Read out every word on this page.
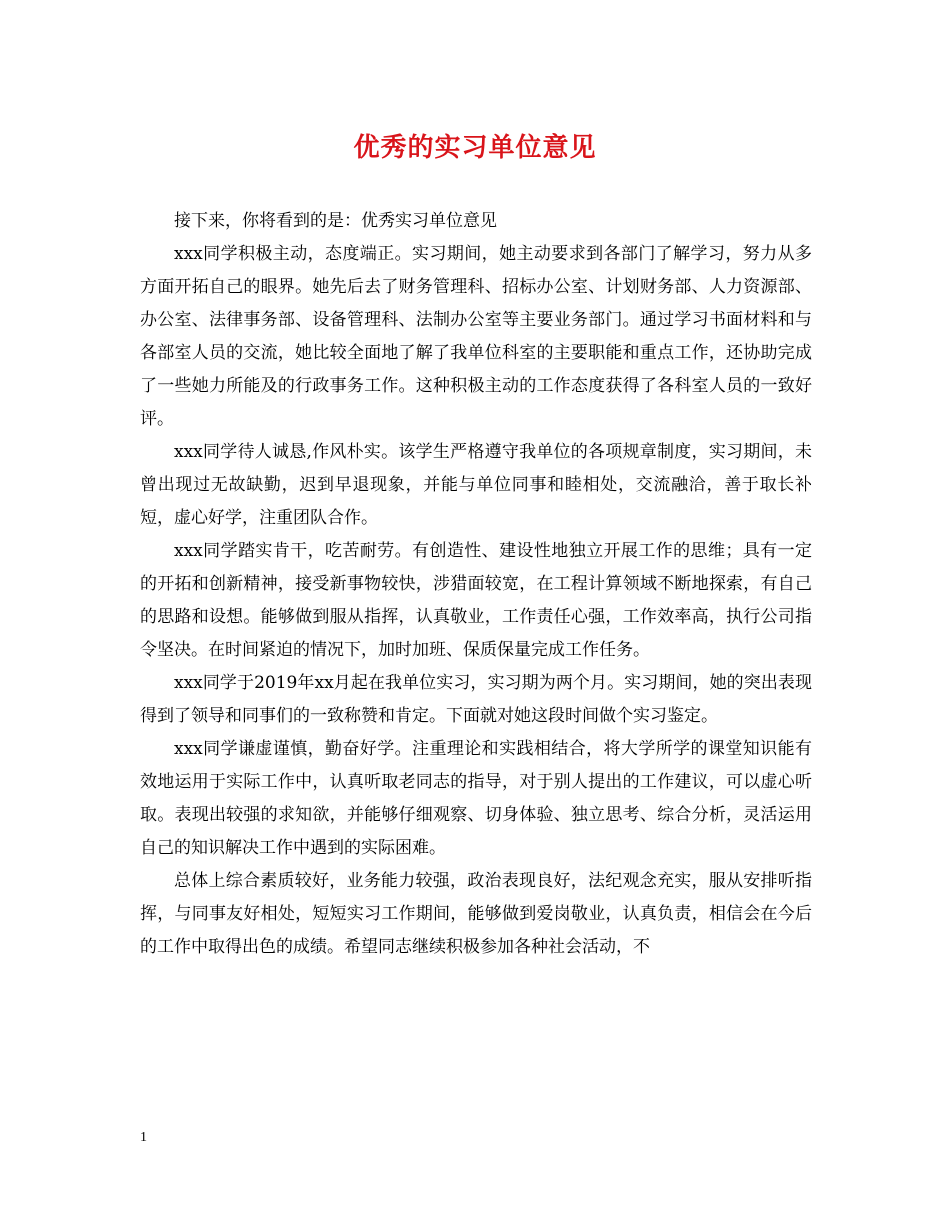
优秀的实习单位意见

接下来，你将看到的是：优秀实习单位意见

xxx同学积极主动，态度端正。实习期间，她主动要求到各部门了解学习，努力从多方面开拓自己的眼界。她先后去了财务管理科、招标办公室、计划财务部、人力资源部、办公室、法律事务部、设备管理科、法制办公室等主要业务部门。通过学习书面材料和与各部室人员的交流，她比较全面地了解了我单位科室的主要职能和重点工作，还协助完成了一些她力所能及的行政事务工作。这种积极主动的工作态度获得了各科室人员的一致好评。

xxx同学待人诚恳,作风朴实。该学生严格遵守我单位的各项规章制度，实习期间，未曾出现过无故缺勤，迟到早退现象，并能与单位同事和睦相处，交流融洽，善于取长补短，虚心好学，注重团队合作。

xxx同学踏实肯干，吃苦耐劳。有创造性、建设性地独立开展工作的思维；具有一定的开拓和创新精神，接受新事物较快，涉猎面较宽，在工程计算领域不断地探索，有自己的思路和设想。能够做到服从指挥，认真敬业，工作责任心强，工作效率高，执行公司指令坚决。在时间紧迫的情况下，加时加班、保质保量完成工作任务。

xxx同学于2019年xx月起在我单位实习，实习期为两个月。实习期间，她的突出表现得到了领导和同事们的一致称赞和肯定。下面就对她这段时间做个实习鉴定。

xxx同学谦虚谨慎，勤奋好学。注重理论和实践相结合，将大学所学的课堂知识能有效地运用于实际工作中，认真听取老同志的指导，对于别人提出的工作建议，可以虚心听取。表现出较强的求知欲，并能够仔细观察、切身体验、独立思考、综合分析，灵活运用自己的知识解决工作中遇到的实际困难。

总体上综合素质较好，业务能力较强，政治表现良好，法纪观念充实，服从安排听指挥，与同事友好相处，短短实习工作期间，能够做到爱岗敬业，认真负责，相信会在今后的工作中取得出色的成绩。希望同志继续积极参加各种社会活动，不

1
